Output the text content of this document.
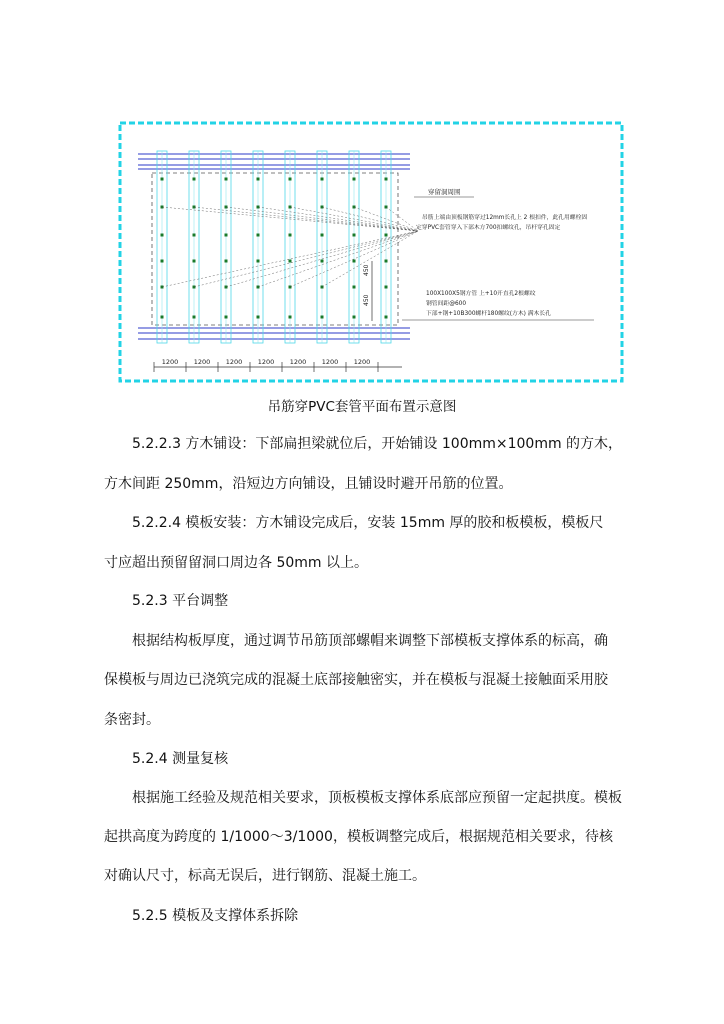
450
450
穿留洞周围
吊筋上端由顶板钢筋穿过12mm长孔上 2 根扣件，此孔用螺栓固
定穿PVC套管穿入下部木方700扣螺纹孔，吊杆穿孔固定
100X100X5钢方管 上+10开直孔2根螺纹
钢管间距@600
下部+钢+10B300螺杆180螺纹(方木) 满木长孔
1200 1200 1200 1200 1200 1200 1200
吊筋穿PVC套管平面布置示意图

5.2.2.3 方木铺设：下部扁担梁就位后，开始铺设 100mm×100mm 的方木，

方木间距 250mm，沿短边方向铺设，且铺设时避开吊筋的位置。

5.2.2.4 模板安装：方木铺设完成后，安装 15mm 厚的胶和板模板，模板尺

寸应超出预留留洞口周边各 50mm 以上。

5.2.3 平台调整

根据结构板厚度，通过调节吊筋顶部螺帽来调整下部模板支撑体系的标高，确

保模板与周边已浇筑完成的混凝土底部接触密实，并在模板与混凝土接触面采用胶

条密封。

5.2.4 测量复核

根据施工经验及规范相关要求，顶板模板支撑体系底部应预留一定起拱度。模板

起拱高度为跨度的 1/1000～3/1000，模板调整完成后，根据规范相关要求，待核

对确认尺寸，标高无误后，进行钢筋、混凝土施工。

5.2.5 模板及支撑体系拆除
